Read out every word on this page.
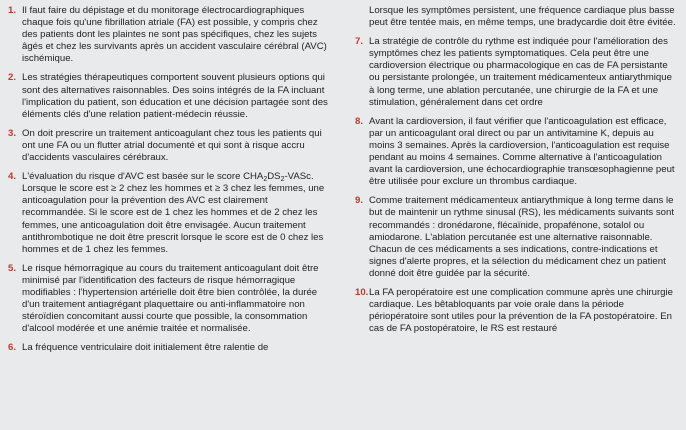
1. Il faut faire du dépistage et du monitorage électrocardiographiques chaque fois qu'une fibrillation atriale (FA) est possible, y compris chez des patients dont les plaintes ne sont pas spécifiques, chez les sujets âgés et chez les survivants après un accident vasculaire cérébral (AVC) ischémique.
2. Les stratégies thérapeutiques comportent souvent plusieurs options qui sont des alternatives raisonnables. Des soins intégrés de la FA incluant l'implication du patient, son éducation et une décision partagée sont des éléments clés d'une relation patient-médecin réussie.
3. On doit prescrire un traitement anticoagulant chez tous les patients qui ont une FA ou un flutter atrial documenté et qui sont à risque accru d'accidents vasculaires cérébraux.
4. L'évaluation du risque d'AVC est basée sur le score $CHA_2DS_2$-VASc. Lorsque le score est ≥ 2 chez les hommes et ≥ 3 chez les femmes, une anticoagulation pour la prévention des AVC est clairement recommandée. Si le score est de 1 chez les hommes et de 2 chez les femmes, une anticoagulation doit être envisagée. Aucun traitement antithrombotique ne doit être prescrit lorsque le score est de 0 chez les hommes et de 1 chez les femmes.
5. Le risque hémorragique au cours du traitement anticoagulant doit être minimisé par l'identification des facteurs de risque hémorragique modifiables : l'hypertension artérielle doit être bien contrôlée, la durée d'un traitement antiagrégant plaquettaire ou anti-inflammatoire non stéroïdien concomitant aussi courte que possible, la consommation d'alcool modérée et une anémie traitée et normalisée.
6. La fréquence ventriculaire doit initialement être ralentie de
Lorsque les symptômes persistent, une fréquence cardiaque plus basse peut être tentée mais, en même temps, une bradycardie doit être évitée.
7. La stratégie de contrôle du rythme est indiquée pour l'amélioration des symptômes chez les patients symptomatiques. Cela peut être une cardioversion électrique ou pharmacologique en cas de FA persistante ou persistante prolongée, un traitement médicamenteux antiarythmique à long terme, une ablation percutanée, une chirurgie de la FA et une stimulation, généralement dans cet ordre
8. Avant la cardioversion, il faut vérifier que l'anticoagulation est efficace, par un anticoagulant oral direct ou par un antivitamine K, depuis au moins 3 semaines. Après la cardioversion, l'anticoagulation est requise pendant au moins 4 semaines. Comme alternative à l'anticoagulation avant la cardioversion, une échocardiographie transœsophagienne peut être utilisée pour exclure un thrombus cardiaque.
9. Comme traitement médicamenteux antiarythmique à long terme dans le but de maintenir un rythme sinusal (RS), les médicaments suivants sont recommandés : dronédarone, flécaïnide, propafénone, sotalol ou amiodarone. L'ablation percutanée est une alternative raisonnable. Chacun de ces médicaments a ses indications, contre-indications et signes d'alerte propres, et la sélection du médicament chez un patient donné doit être guidée par la sécurité.
10. La FA peropératoire est une complication commune après une chirurgie cardiaque. Les bêtabloquants par voie orale dans la période périopératoire sont utiles pour la prévention de la FA postopératoire. En cas de FA postopératoire, le RS est restauré
